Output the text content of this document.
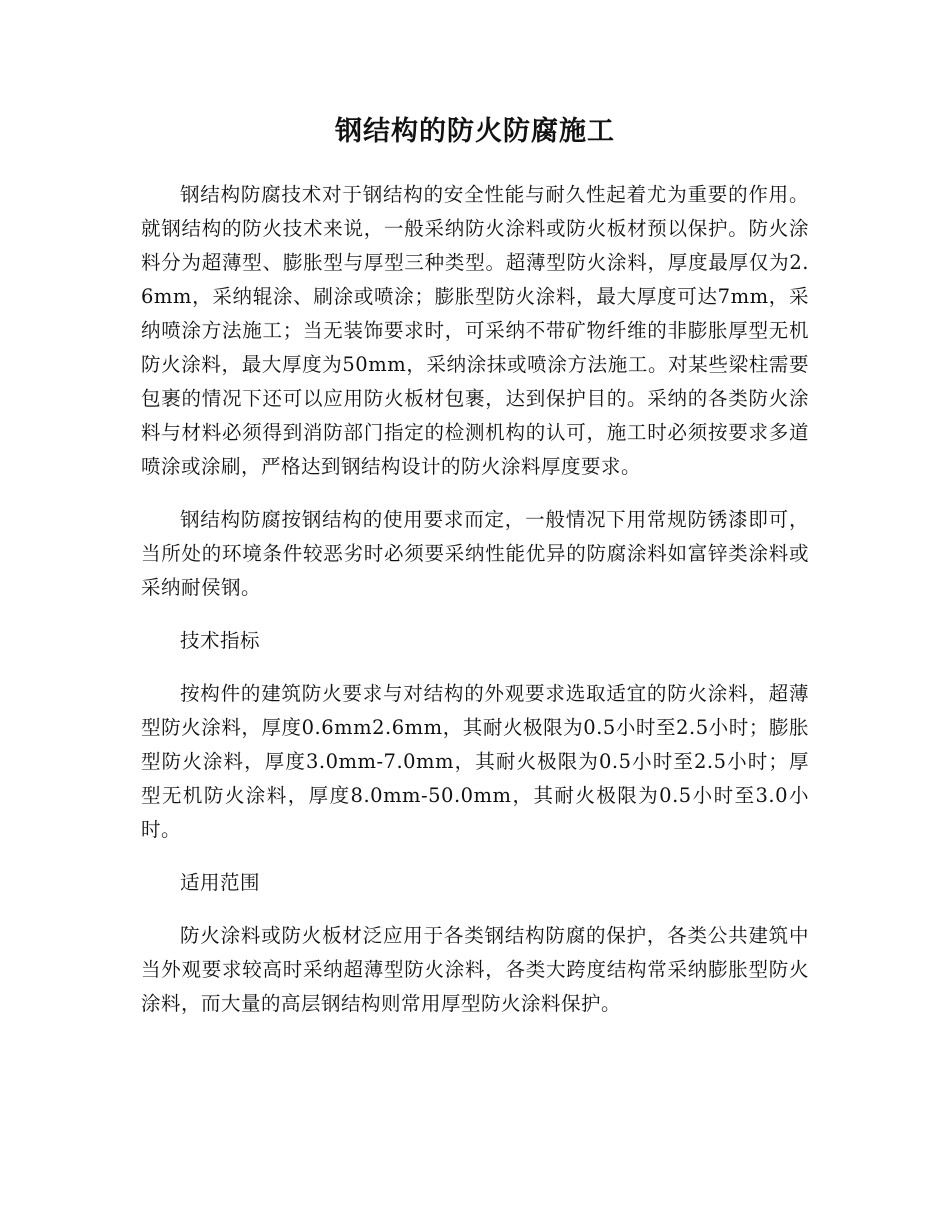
钢结构的防火防腐施工

钢结构防腐技术对于钢结构的安全性能与耐久性起着尤为重要的作用。就钢结构的防火技术来说，一般采纳防火涂料或防火板材预以保护。防火涂料分为超薄型、膨胀型与厚型三种类型。超薄型防火涂料，厚度最厚仅为2.6mm，采纳辊涂、刷涂或喷涂；膨胀型防火涂料，最大厚度可达7mm，采纳喷涂方法施工；当无装饰要求时，可采纳不带矿物纤维的非膨胀厚型无机防火涂料，最大厚度为50mm，采纳涂抹或喷涂方法施工。对某些梁柱需要包裹的情况下还可以应用防火板材包裹，达到保护目的。采纳的各类防火涂料与材料必须得到消防部门指定的检测机构的认可，施工时必须按要求多道喷涂或涂刷，严格达到钢结构设计的防火涂料厚度要求。

钢结构防腐按钢结构的使用要求而定，一般情况下用常规防锈漆即可，当所处的环境条件较恶劣时必须要采纳性能优异的防腐涂料如富锌类涂料或采纳耐侯钢。

技术指标

按构件的建筑防火要求与对结构的外观要求选取适宜的防火涂料，超薄型防火涂料，厚度0.6mm2.6mm，其耐火极限为0.5小时至2.5小时；膨胀型防火涂料，厚度3.0mm-7.0mm，其耐火极限为0.5小时至2.5小时；厚型无机防火涂料，厚度8.0mm-50.0mm，其耐火极限为0.5小时至3.0小时。

适用范围

防火涂料或防火板材泛应用于各类钢结构防腐的保护，各类公共建筑中当外观要求较高时采纳超薄型防火涂料，各类大跨度结构常采纳膨胀型防火涂料，而大量的高层钢结构则常用厚型防火涂料保护。
